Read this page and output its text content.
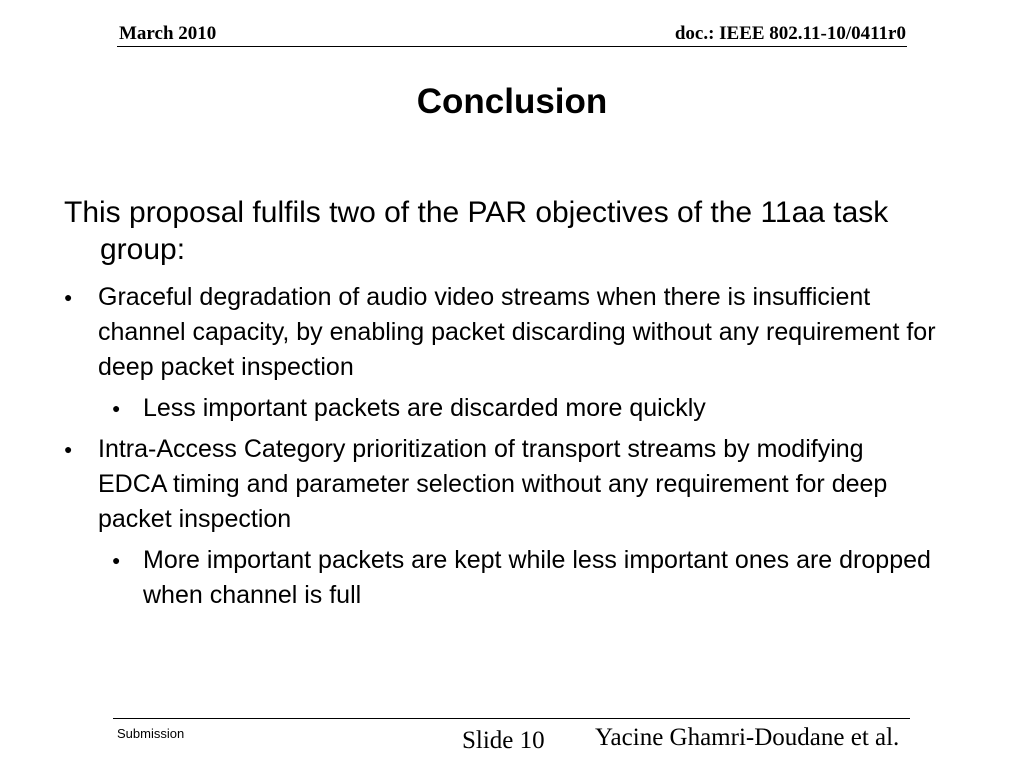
March 2010	doc.: IEEE 802.11-10/0411r0
Conclusion

This proposal fulfils two of the PAR objectives of the 11aa task group:

● Graceful degradation of audio video streams when there is insufficient channel capacity, by enabling packet discarding without any requirement for deep packet inspection
● Less important packets are discarded more quickly
● Intra-Access Category prioritization of transport streams by modifying EDCA timing and parameter selection without any requirement for deep packet inspection
● More important packets are kept while less important ones are dropped when channel is full
Submission	Slide 10 Yacine Ghamri-Doudane et al.
